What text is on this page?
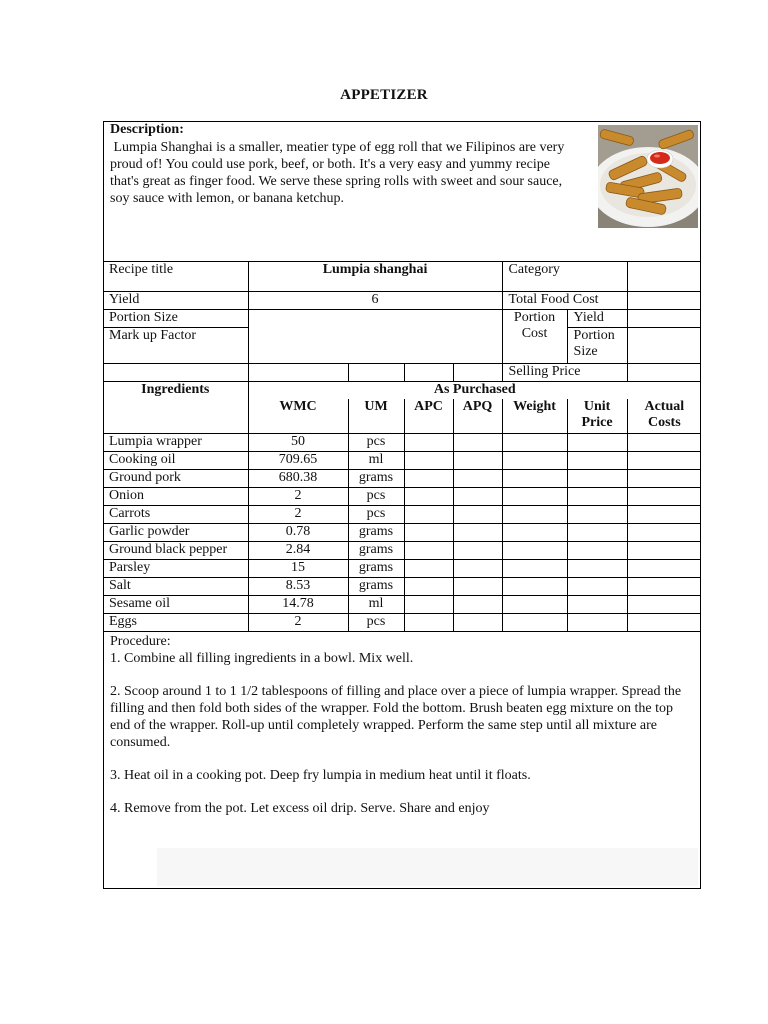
APPETIZER
Description:
Lumpia Shanghai is a smaller, meatier type of egg roll that we Filipinos are very proud of! You could use pork, beef, or both. It's a very easy and yummy recipe that's great as finger food. We serve these spring rolls with sweet and sour sauce, soy sauce with lemon, or banana ketchup.
Recipe title	Lumpia shanghai				Category		
Yield	6				Total Food Cost		
Portion Size					Portion Cost	Yield	
Mark up Factor						Portion Size	
					Selling Price		
Ingredients	As Purchased						
	WMC	UM	APC	APQ	Weight	Unit Price	Actual Costs
Lumpia wrapper	50	pcs					
Cooking oil	709.65	ml					
Ground pork	680.38	grams					
Onion	2	pcs					
Carrots	2	pcs					
Garlic powder	0.78	grams					
Ground black pepper	2.84	grams					
Parsley	15	grams					
Salt	8.53	grams					
Sesame oil	14.78	ml					
Eggs	2	pcs					

Procedure:

1. Combine all filling ingredients in a bowl. Mix well.

2. Scoop around 1 to 1 1/2 tablespoons of filling and place over a piece of lumpia wrapper. Spread the filling and then fold both sides of the wrapper. Fold the bottom. Brush beaten egg mixture on the top end of the wrapper. Roll-up until completely wrapped. Perform the same step until all mixture are consumed.

3. Heat oil in a cooking pot. Deep fry lumpia in medium heat until it floats.

4. Remove from the pot. Let excess oil drip. Serve. Share and enjoy
